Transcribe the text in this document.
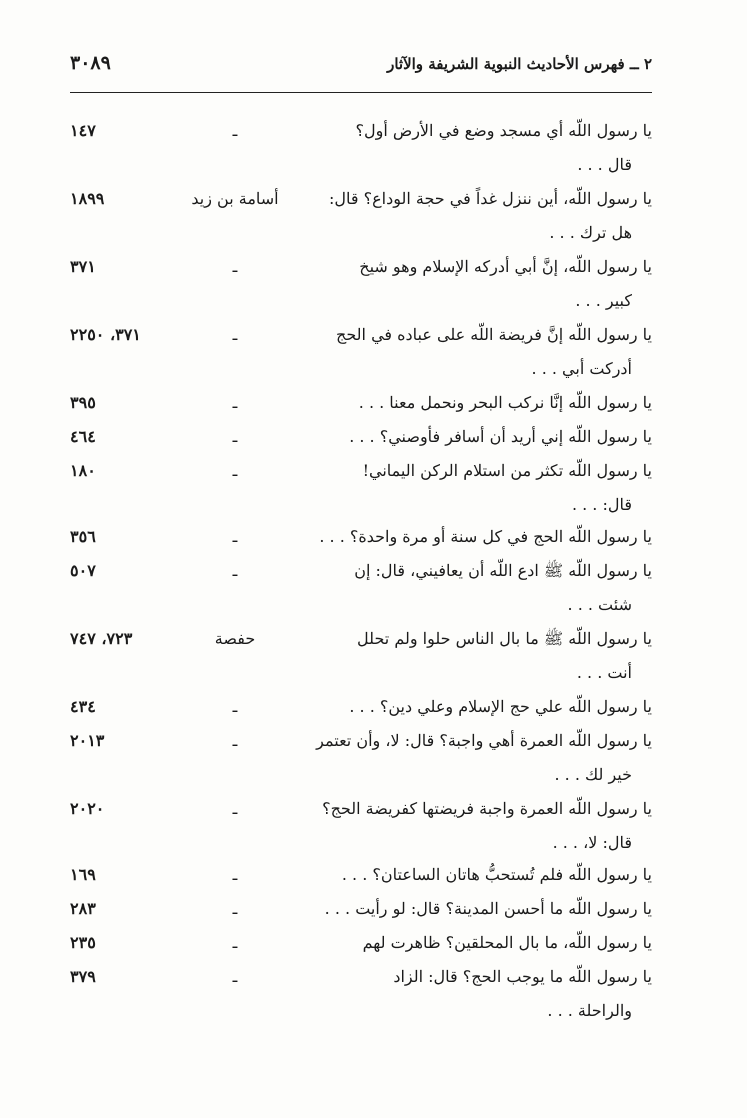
٣٠٨٩	٢ ــ فهرس الأحاديث النبوية الشريفة والآثار
يا رسول اللّه أي مسجد وضع في الأرض أول؟
قال . . .
ـ
١٤٧
يا رسول اللّه، أين ننزل غداً في حجة الوداع؟ قال:
هل ترك . . .
أسامة بن زيد
١٨٩٩
يا رسول اللّه، إنَّ أبي أدركه الإسلام وهو شيخ
كبير . . .
ـ
٣٧١
يا رسول اللّه إنَّ فريضة اللّه على عباده في الحج
أدركت أبي . . .
ـ
٣٧١، ٢٢٥٠
يا رسول اللّه إنَّا نركب البحر ونحمل معنا . . .
ـ
٣٩٥
يا رسول اللّه إني أريد أن أسافر فأوصني؟ . . .
ـ
٤٦٤
يا رسول اللّه تكثر من استلام الركن اليماني!
قال: . . .
ـ
١٨٠
يا رسول اللّه الحج في كل سنة أو مرة واحدة؟ . . .
ـ
٣٥٦
يا رسول اللّه ﷺ ادع اللّه أن يعافيني، قال: إن
شئت . . .
ـ
٥٠٧
يا رسول اللّه ﷺ ما بال الناس حلوا ولم تحلل
أنت . . .
حفصة
٧٢٣، ٧٤٧
يا رسول اللّه علي حج الإسلام وعلي دين؟ . . .
ـ
٤٣٤
يا رسول اللّه العمرة أهي واجبة؟ قال: لا، وأن تعتمر
خير لك . . .
ـ
٢٠١٣
يا رسول اللّه العمرة واجبة فريضتها كفريضة الحج؟
قال: لا، . . .
ـ
٢٠٢٠
يا رسول اللّه فلم تُستحبُّ هاتان الساعتان؟ . . .
ـ
١٦٩
يا رسول اللّه ما أحسن المدينة؟ قال: لو رأيت . . .
ـ
٢٨٣
يا رسول اللّه، ما بال المحلقين؟ ظاهرت لهم
ـ
٢٣٥
يا رسول اللّه ما يوجب الحج؟ قال: الزاد
والراحلة . . .
ـ
٣٧٩
